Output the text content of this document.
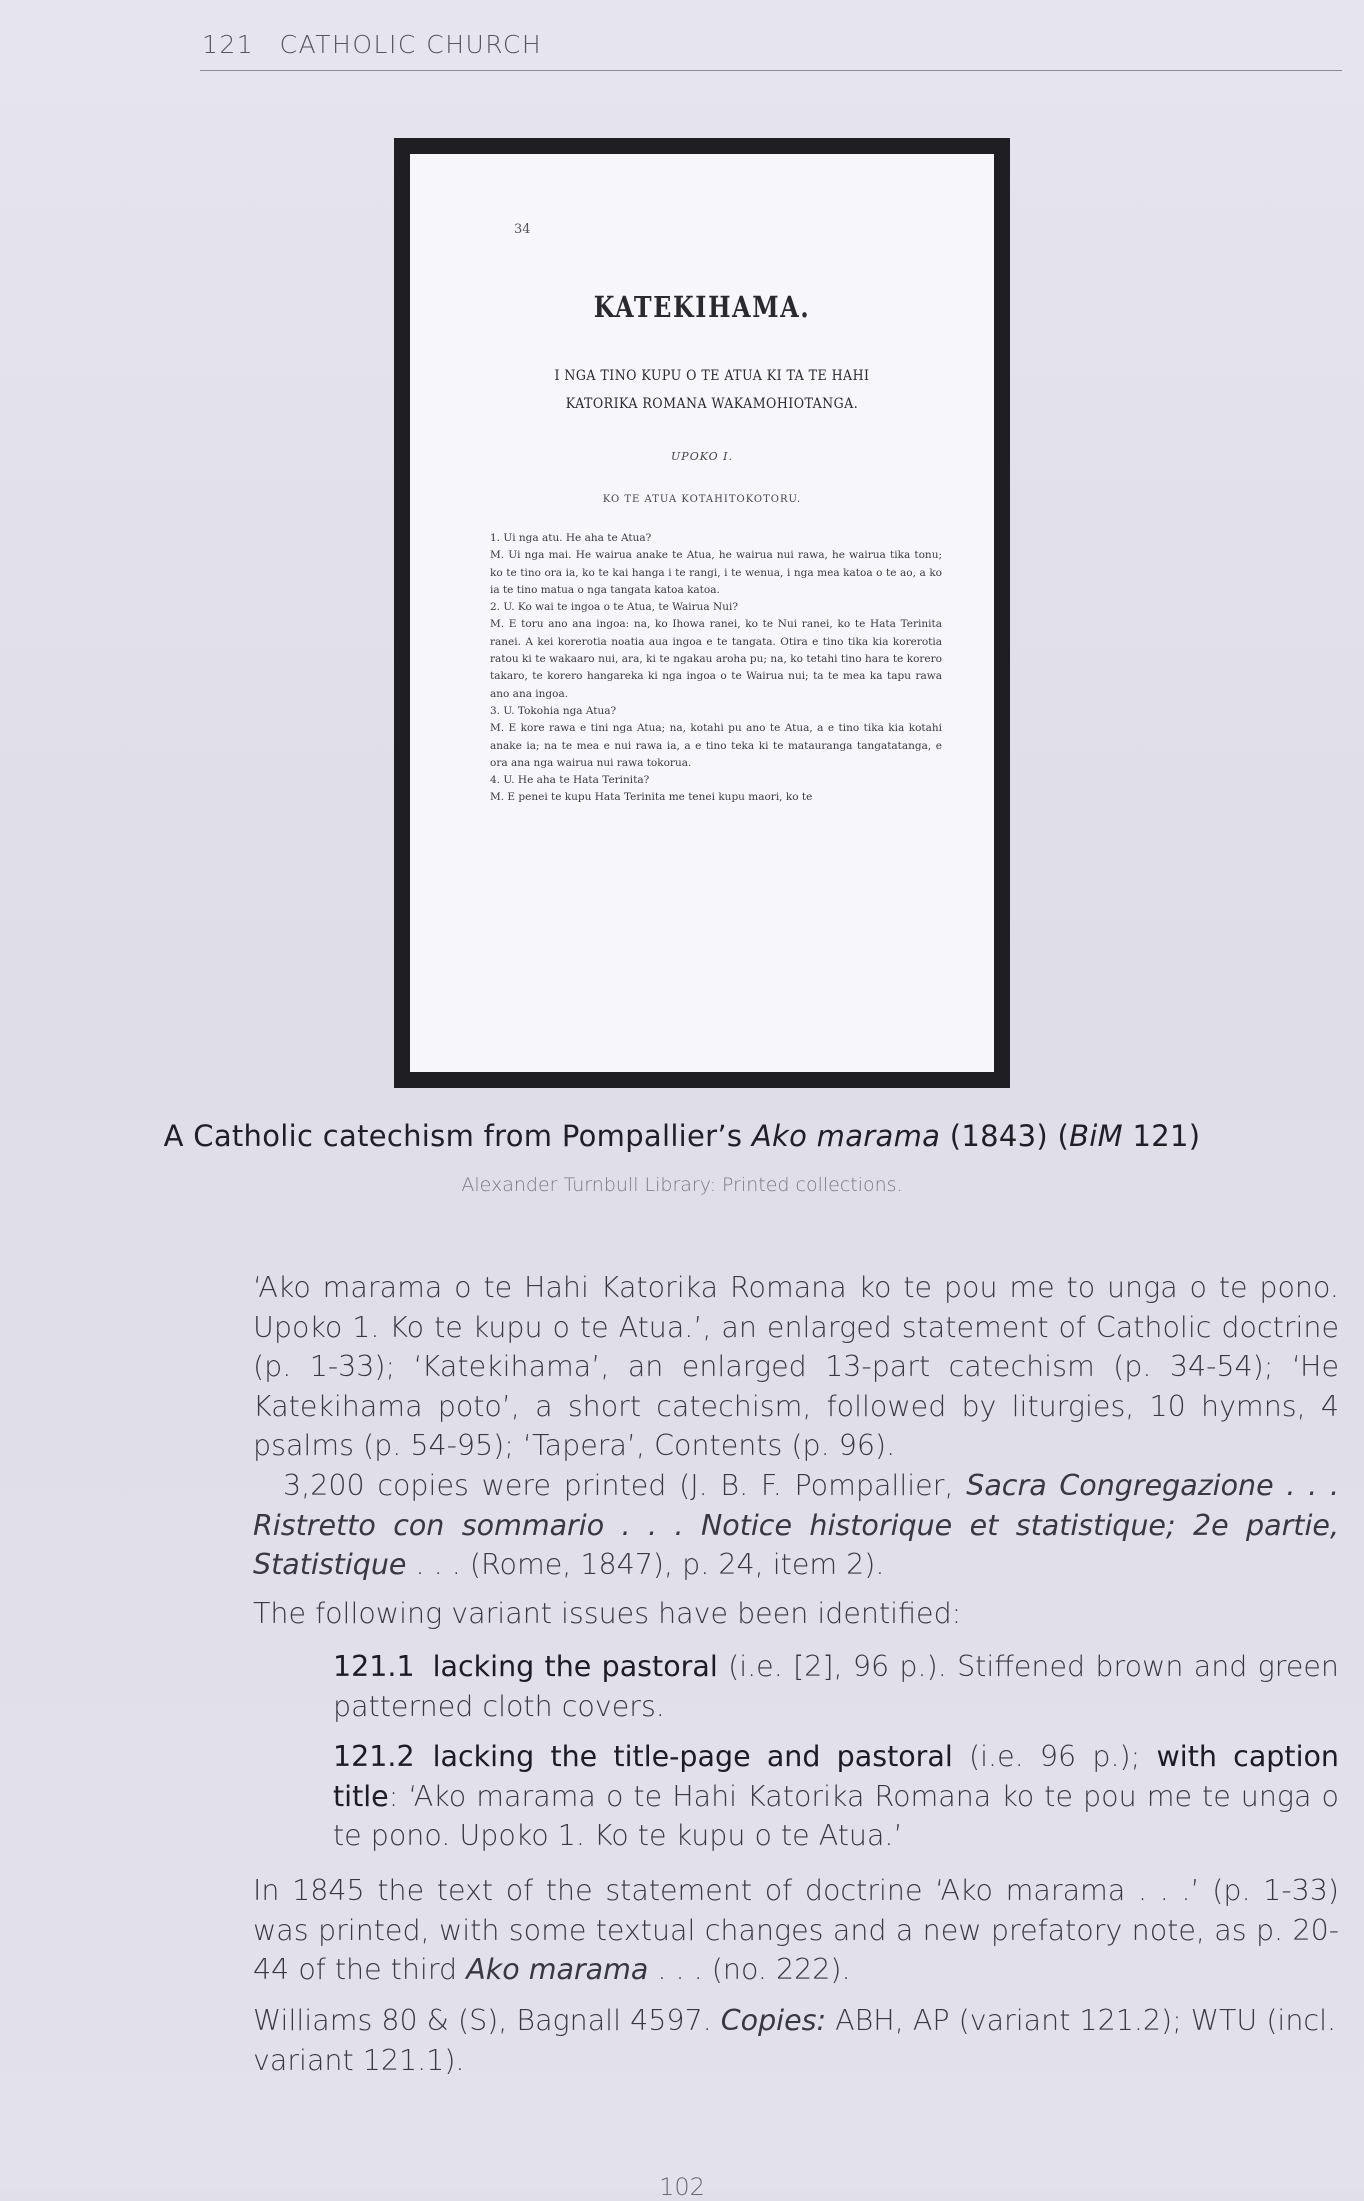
121 CATHOLIC CHURCH
34
KATEKIHAMA.
I NGA TINO KUPU O TE ATUA KI TA TE HAHI
KATORIKA ROMANA WAKAMOHIOTANGA.
UPOKO I.
KO TE ATUA KOTAHITOKOTORU.
1. Ui nga atu. He aha te Atua?
M. Ui nga mai. He wairua anake te Atua, he wairua nui rawa, he wairua tika tonu; ko te tino ora ia, ko te kai hanga i te rangi, i te wenua, i nga mea katoa o te ao, a ko ia te tino matua o nga tangata katoa katoa.
2. U. Ko wai te ingoa o te Atua, te Wairua Nui?
M. E toru ano ana ingoa: na, ko Ihowa ranei, ko te Nui ranei, ko te Hata Terinita ranei. A kei korerotia noatia aua ingoa e te tangata. Otira e tino tika kia korerotia ratou ki te wakaaro nui, ara, ki te ngakau aroha pu; na, ko tetahi tino hara te korero takaro, te korero hangareka ki nga ingoa o te Wairua nui; ta te mea ka tapu rawa ano ana ingoa.
3. U. Tokohia nga Atua?
M. E kore rawa e tini nga Atua; na, kotahi pu ano te Atua, a e tino tika kia kotahi anake ia; na te mea e nui rawa ia, a e tino teka ki te matauranga tangatatanga, e ora ana nga wairua nui rawa tokorua.
4. U. He aha te Hata Terinita?
M. E penei te kupu Hata Terinita me tenei kupu maori, ko te
A Catholic catechism from Pompallier’s Ako marama (1843) (BiM 121)
Alexander Turnbull Library: Printed collections.
‘Ako marama o te Hahi Katorika Romana ko te pou me to unga o te pono. Upoko 1. Ko te kupu o te Atua.’, an enlarged statement of Catholic doctrine (p. 1-33); ‘Katekihama’, an enlarged 13-part catechism (p. 34-54); ‘He Katekihama poto’, a short catechism, followed by liturgies, 10 hymns, 4 psalms (p. 54-95); ‘Tapera’, Contents (p. 96).
3,200 copies were printed (J. B. F. Pompallier, Sacra Congregazione . . . Ristretto con sommario . . . Notice historique et statistique; 2e partie, Statistique . . . (Rome, 1847), p. 24, item 2).
The following variant issues have been identified:
121.1 lacking the pastoral (i.e. [2], 96 p.). Stiffened brown and green patterned cloth covers.
121.2 lacking the title-page and pastoral (i.e. 96 p.); with caption title: ‘Ako marama o te Hahi Katorika Romana ko te pou me te unga o te pono. Upoko 1. Ko te kupu o te Atua.’
In 1845 the text of the statement of doctrine ‘Ako marama . . .’ (p. 1-33) was printed, with some textual changes and a new prefatory note, as p. 20-44 of the third Ako marama . . . (no. 222).
Williams 80 & (S), Bagnall 4597. Copies: ABH, AP (variant 121.2); WTU (incl. variant 121.1).
102
